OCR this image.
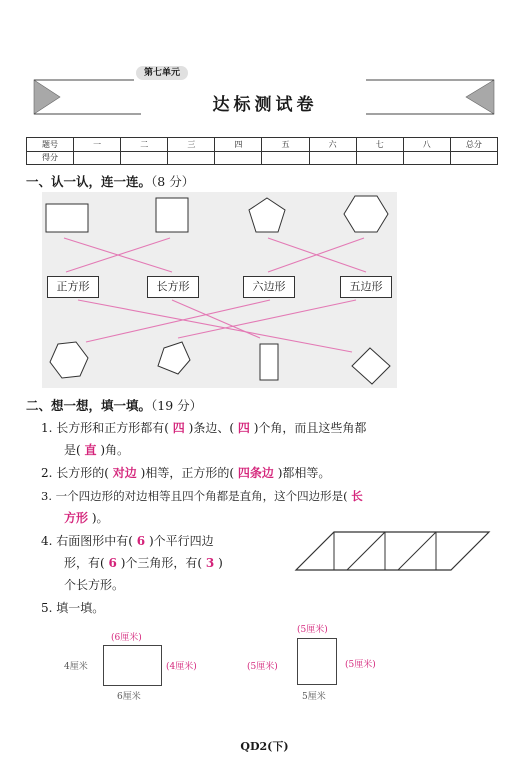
第七单元
达标测试卷
题号	一	二	三	四	五	六	七	八	总分
得分									
一、认一认，连一连。（8 分）
正方形	长方形	六边形	五边形
二、想一想，填一填。（19 分）
1. 长方形和正方形都有( 四 )条边、( 四 )个角，而且这些角都
是( 直 )角。
2. 长方形的( 对边 )相等，正方形的( 四条边 )都相等。
3. 一个四边形的对边相等且四个角都是直角，这个四边形是( 长
方形 )。
4. 右面图形中有( 6 )个平行四边
形，有( 6 )个三角形，有( 3 )
个长方形。
5. 填一填。
(6厘米)
4厘米	(4厘米)
6厘米
(5厘米)
(5厘米)	(5厘米)
5厘米
QD2(下)
